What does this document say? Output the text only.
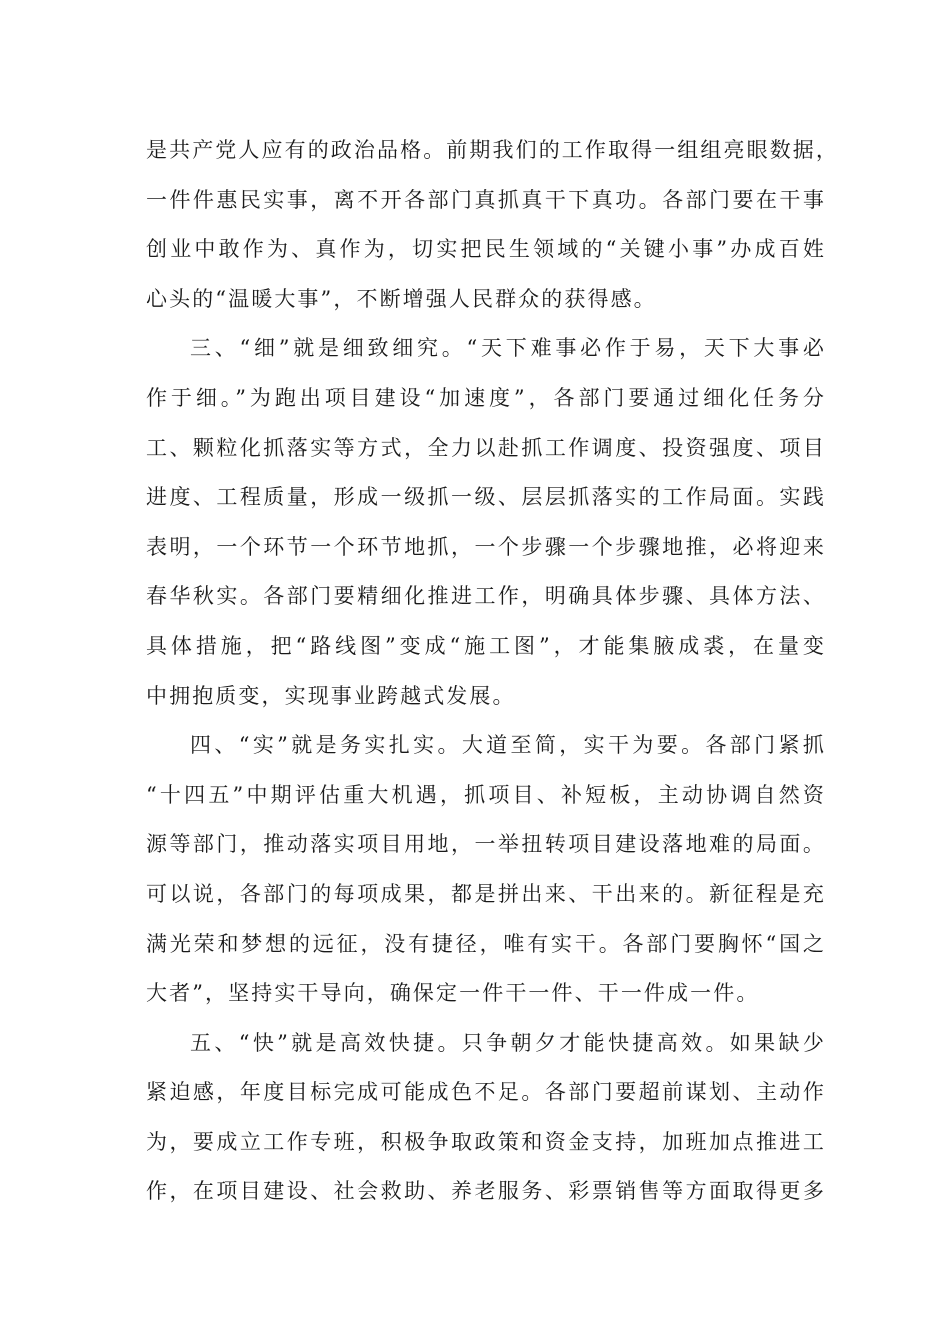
是共产党人应有的政治品格。前期我们的工作取得一组组亮眼数据，
一件件惠民实事，离不开各部门真抓真干下真功。各部门要在干事
创业中敢作为、真作为，切实把民生领域的“关键小事”办成百姓
心头的“温暖大事”，不断增强人民群众的获得感。
三、“细”就是细致细究。“天下难事必作于易，天下大事必
作于细。”为跑出项目建设“加速度”，各部门要通过细化任务分
工、颗粒化抓落实等方式，全力以赴抓工作调度、投资强度、项目
进度、工程质量，形成一级抓一级、层层抓落实的工作局面。实践
表明，一个环节一个环节地抓，一个步骤一个步骤地推，必将迎来
春华秋实。各部门要精细化推进工作，明确具体步骤、具体方法、
具体措施，把“路线图”变成“施工图”，才能集腋成裘，在量变
中拥抱质变，实现事业跨越式发展。
四、“实”就是务实扎实。大道至简，实干为要。各部门紧抓
“十四五”中期评估重大机遇，抓项目、补短板，主动协调自然资
源等部门，推动落实项目用地，一举扭转项目建设落地难的局面。
可以说，各部门的每项成果，都是拼出来、干出来的。新征程是充
满光荣和梦想的远征，没有捷径，唯有实干。各部门要胸怀“国之
大者”，坚持实干导向，确保定一件干一件、干一件成一件。
五、“快”就是高效快捷。只争朝夕才能快捷高效。如果缺少
紧迫感，年度目标完成可能成色不足。各部门要超前谋划、主动作
为，要成立工作专班，积极争取政策和资金支持，加班加点推进工
作，在项目建设、社会救助、养老服务、彩票销售等方面取得更多
